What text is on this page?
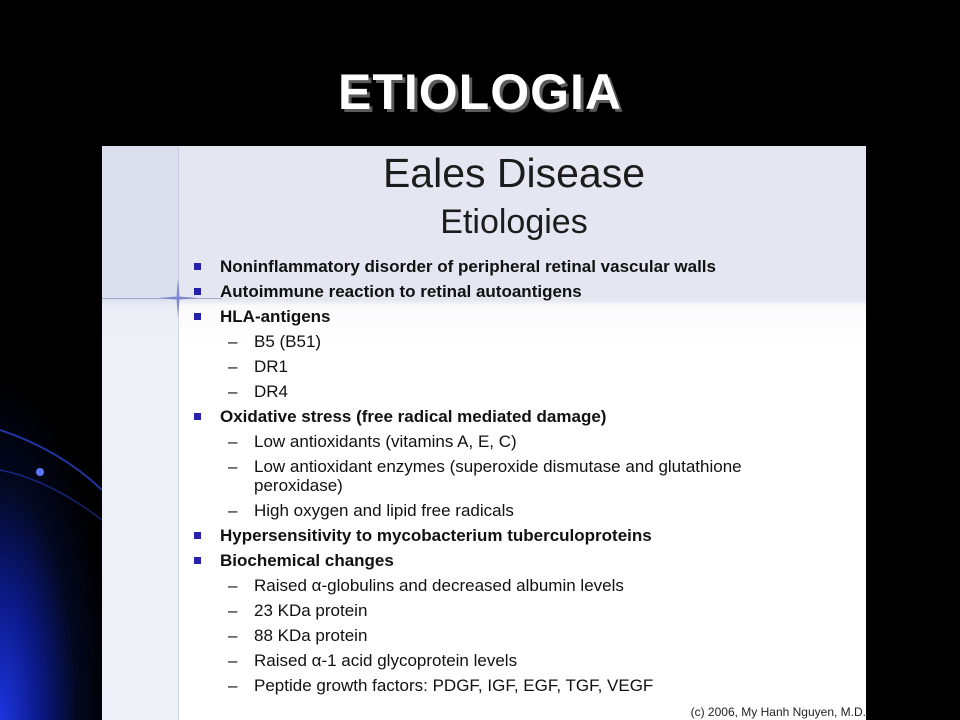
ETIOLOGIA
Eales Disease
Etiologies
Noninflammatory disorder of peripheral retinal vascular walls
Autoimmune reaction to retinal autoantigens
HLA-antigens
– B5 (B51)
– DR1
– DR4
Oxidative stress (free radical mediated damage)
– Low antioxidants (vitamins A, E, C)
– Low antioxidant enzymes (superoxide dismutase and glutathione peroxidase)
– High oxygen and lipid free radicals
Hypersensitivity to mycobacterium tuberculoproteins
Biochemical changes
– Raised α-globulins and decreased albumin levels
– 23 KDa protein
– 88 KDa protein
– Raised α-1 acid glycoprotein levels
– Peptide growth factors: PDGF, IGF, EGF, TGF, VEGF
(c) 2006, My Hanh Nguyen, M.D.
